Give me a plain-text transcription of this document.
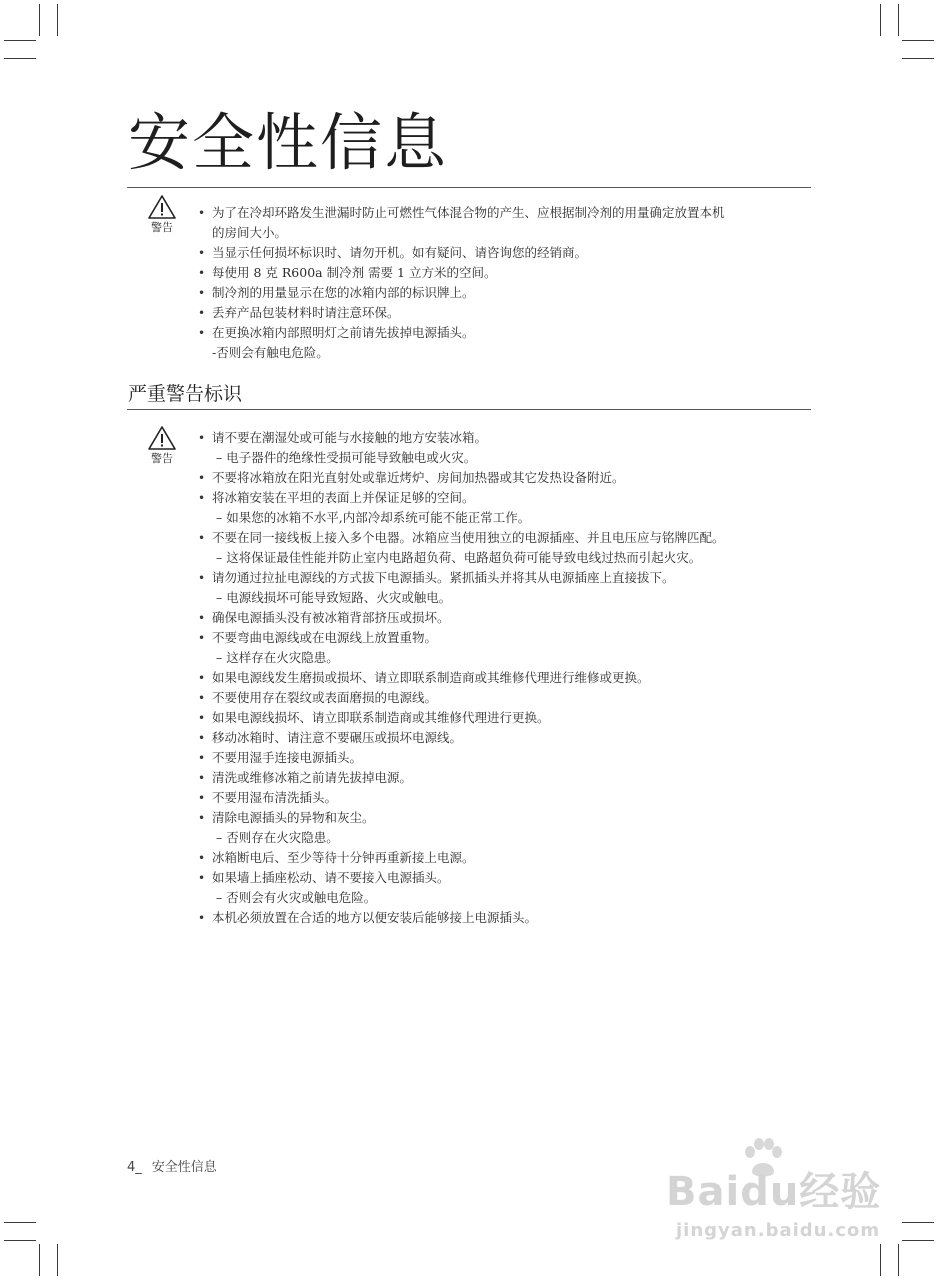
安全性信息
警告
• 为了在冷却环路发生泄漏时防止可燃性气体混合物的产生、应根据制冷剂的用量确定放置本机
的房间大小。
• 当显示任何损坏标识时、请勿开机。如有疑问、请咨询您的经销商。
• 每使用 8 克 R600a 制冷剂 需要 1 立方米的空间。
• 制冷剂的用量显示在您的冰箱内部的标识牌上。
• 丢弃产品包装材料时请注意环保。
• 在更换冰箱内部照明灯之前请先拔掉电源插头。
-否则会有触电危险。
严重警告标识
警告
• 请不要在潮湿处或可能与水接触的地方安装冰箱。
– 电子器件的绝缘性受损可能导致触电或火灾。
• 不要将冰箱放在阳光直射处或靠近烤炉、房间加热器或其它发热设备附近。
• 将冰箱安装在平坦的表面上并保证足够的空间。
– 如果您的冰箱不水平,内部冷却系统可能不能正常工作。
• 不要在同一接线板上接入多个电器。冰箱应当使用独立的电源插座、并且电压应与铭牌匹配。
– 这将保证最佳性能并防止室内电路超负荷、电路超负荷可能导致电线过热而引起火灾。
• 请勿通过拉扯电源线的方式拔下电源插头。紧抓插头并将其从电源插座上直接拔下。
– 电源线损坏可能导致短路、火灾或触电。
• 确保电源插头没有被冰箱背部挤压或损坏。
• 不要弯曲电源线或在电源线上放置重物。
– 这样存在火灾隐患。
• 如果电源线发生磨损或损坏、请立即联系制造商或其维修代理进行维修或更换。
• 不要使用存在裂纹或表面磨损的电源线。
• 如果电源线损坏、请立即联系制造商或其维修代理进行更换。
• 移动冰箱时、请注意不要碾压或损坏电源线。
• 不要用湿手连接电源插头。
• 清洗或维修冰箱之前请先拔掉电源。
• 不要用湿布清洗插头。
• 清除电源插头的异物和灰尘。
– 否则存在火灾隐患。
• 冰箱断电后、至少等待十分钟再重新接上电源。
• 如果墙上插座松动、请不要接入电源插头。
– 否则会有火灾或触电危险。
• 本机必须放置在合适的地方以便安装后能够接上电源插头。
4_ 安全性信息
Baidu经验
jingyan.baidu.com
